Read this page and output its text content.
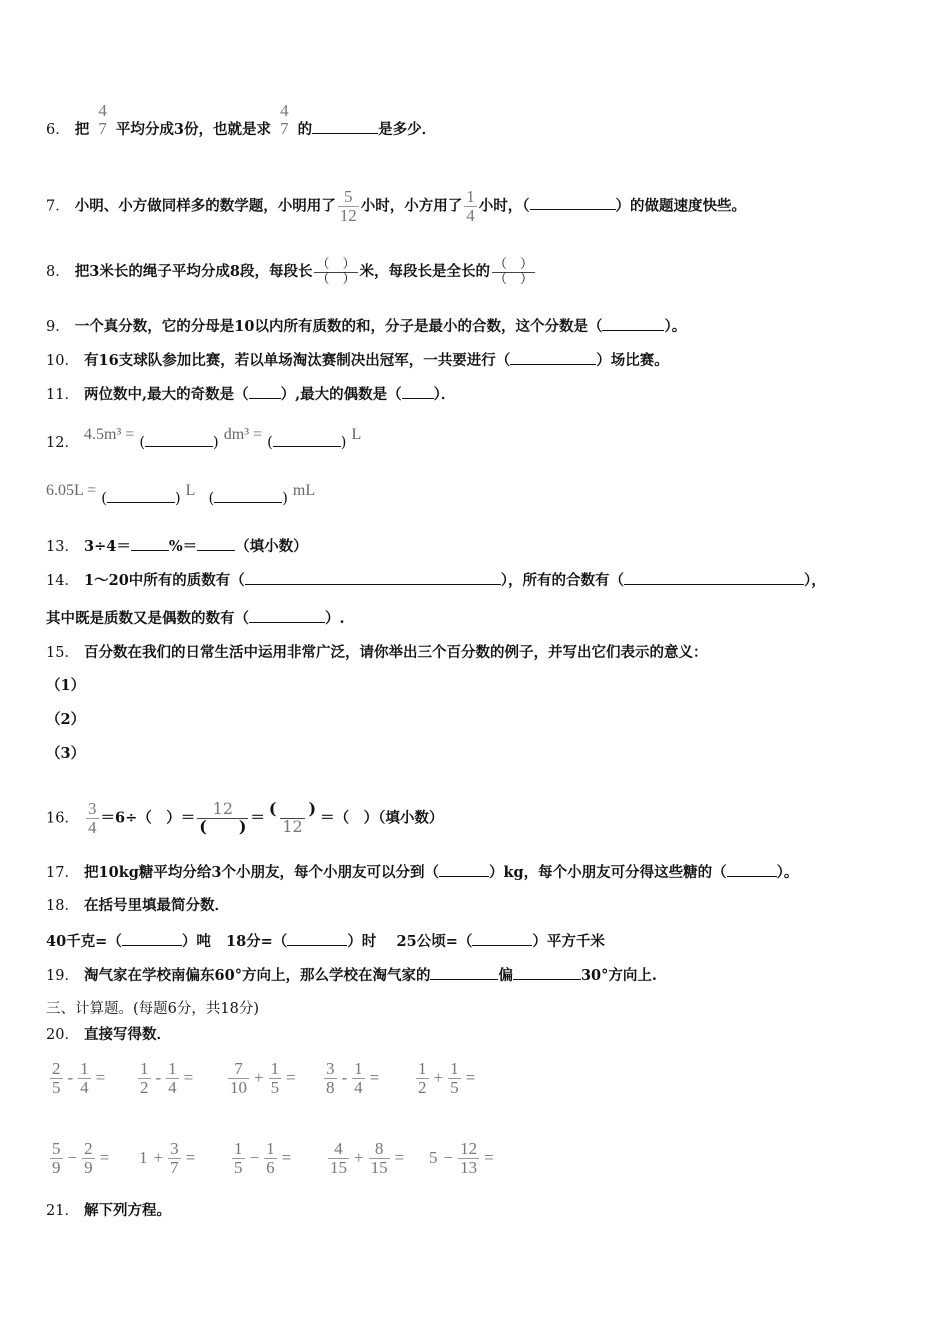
6． 把
4
7 平均分成3份，也就是求
4
7 的	是多少．
7． 小明、小方做同样多的数学题，小明用了 $\frac{5}{12}$ 小时，小方用了 $\frac{1}{4}$ 小时，（	）的做题速度快些。
8． 把3米长的绳子平均分成8段，每段长 （　）
（　） 米，每段长是全长的 （　）
（　）
9． 一个真分数，它的分母是10以内所有质数的和，分子是最小的合数，这个分数是（	）。
10． 有16支球队参加比赛，若以单场淘汰赛制决出冠军，一共要进行（	）场比赛。
11． 两位数中,最大的奇数是（ ）,最大的偶数是（ ）．
12． 4.5m³ = (	) dm³ = (	) L
6.05L = (	) L (	) mL
13． 3÷4＝	%＝	（填小数）
14． 1～20中所有的质数有（	），所有的合数有（	），
其中既是质数又是偶数的数有（	）.
15． 百分数在我们的日常生活中运用非常广泛，请你举出三个百分数的例子，并写出它们表示的意义：
（1）
（2）
（3）
16． $\frac{3}{4} =6\div$（　）＝ 12
(　　) ＝ (　　)
12 ＝（　）（填小数）
17． 把10kg糖平均分给3个小朋友，每个小朋友可以分到（	）kg，每个小朋友可分得这些糖的（	）。
18． 在括号里填最简分数．
40千克=（	）吨 18分=（	）时 25公顷=（	）平方千米
19． 淘气家在学校南偏东60°方向上，那么学校在淘气家的	偏	30°方向上.
三、计算题。(每题6分，共18分)
20． 直接写得数．
$\frac{2}{5} - \frac{1}{4} = \frac{1}{2} - \frac{1}{4} = \frac{7}{10} + \frac{1}{5} = \frac{3}{8} - \frac{1}{4} = \frac{1}{2} + \frac{1}{5}$ =
$\frac{5}{9} - \frac{2}{9} = 1 + \frac{3}{7} = \frac{1}{5} - \frac{1}{6} = \frac{4}{15} + \frac{8}{15} = 5 - \frac{12}{13}$ =
21． 解下列方程。
